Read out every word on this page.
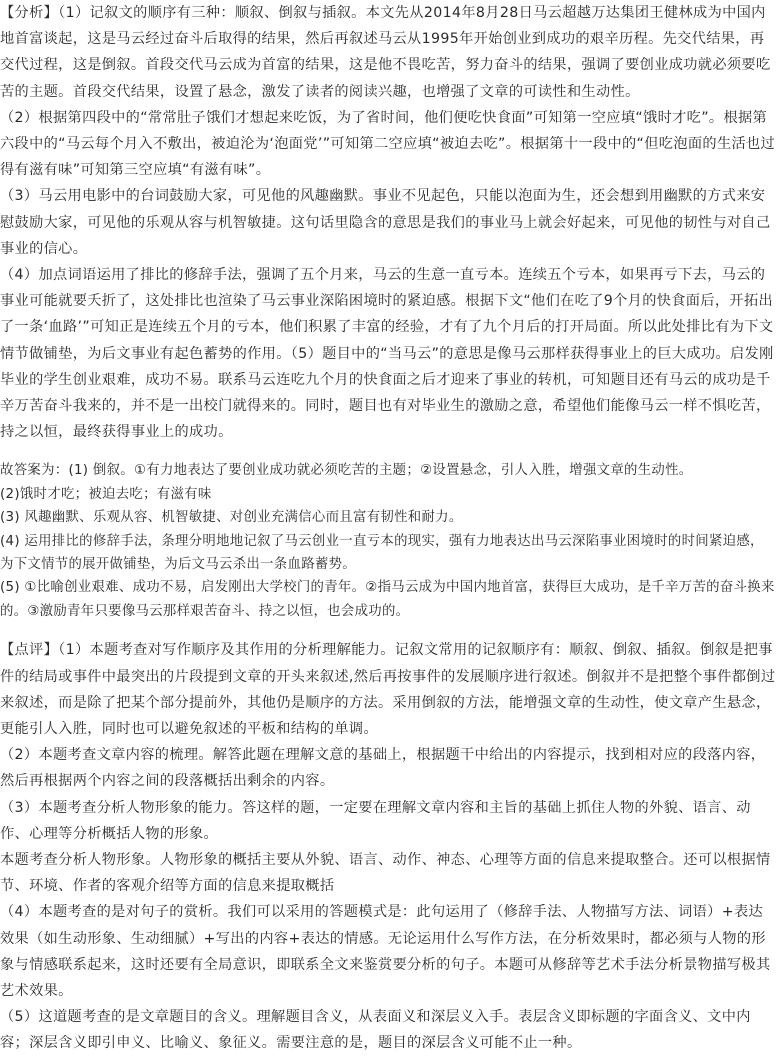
【分析】（1）记叙文的顺序有三种：顺叙、倒叙与插叙。本文先从2014年8月28日马云超越万达集团王健林成为中国内地首富谈起，这是马云经过奋斗后取得的结果，然后再叙述马云从1995年开始创业到成功的艰辛历程。先交代结果，再交代过程，这是倒叙。首段交代马云成为首富的结果，这是他不畏吃苦，努力奋斗的结果，强调了要创业成功就必须要吃苦的主题。首段交代结果，设置了悬念，激发了读者的阅读兴趣，也增强了文章的可读性和生动性。

（2）根据第四段中的“常常肚子饿们才想起来吃饭，为了省时间，他们便吃快食面”可知第一空应填“饿时才吃”。根据第六段中的“马云每个月入不敷出，被迫沦为‘泡面党’”可知第二空应填“被迫去吃”。根据第十一段中的“但吃泡面的生活也过得有滋有味”可知第三空应填“有滋有味”。

（3）马云用电影中的台词鼓励大家，可见他的风趣幽默。事业不见起色，只能以泡面为生，还会想到用幽默的方式来安慰鼓励大家，可见他的乐观从容与机智敏捷。这句话里隐含的意思是我们的事业马上就会好起来，可见他的韧性与对自己事业的信心。

（4）加点词语运用了排比的修辞手法，强调了五个月来，马云的生意一直亏本。连续五个亏本，如果再亏下去，马云的事业可能就要夭折了，这处排比也渲染了马云事业深陷困境时的紧迫感。根据下文“他们在吃了9个月的快食面后，开拓出了一条‘血路’”可知正是连续五个月的亏本，他们积累了丰富的经验，才有了九个月后的打开局面。所以此处排比有为下文情节做铺垫，为后文事业有起色蓄势的作用。（5）题目中的“当马云”的意思是像马云那样获得事业上的巨大成功。启发刚毕业的学生创业艰难，成功不易。联系马云连吃九个月的快食面之后才迎来了事业的转机，可知题目还有马云的成功是千辛万苦奋斗我来的，并不是一出校门就得来的。同时，题目也有对毕业生的激励之意，希望他们能像马云一样不惧吃苦，持之以恒，最终获得事业上的成功。

故答案为：(1) 倒叙。①有力地表达了要创业成功就必须吃苦的主题；②设置悬念，引人入胜，增强文章的生动性。

(2)饿时才吃；被迫去吃；有滋有味

(3) 风趣幽默、乐观从容、机智敏捷、对创业充满信心而且富有韧性和耐力。

(4) 运用排比的修辞手法，条理分明地地记叙了马云创业一直亏本的现实，强有力地表达出马云深陷事业困境时的时间紧迫感，为下文情节的展开做铺垫，为后文马云杀出一条血路蓄势。

(5) ①比喻创业艰难、成功不易，启发刚出大学校门的青年。②指马云成为中国内地首富，获得巨大成功，是千辛万苦的奋斗换来的。③激励青年只要像马云那样艰苦奋斗、持之以恒，也会成功的。

【点评】（1）本题考查对写作顺序及其作用的分析理解能力。记叙文常用的记叙顺序有：顺叙、倒叙、插叙。倒叙是把事件的结局或事件中最突出的片段提到文章的开头来叙述,然后再按事件的发展顺序进行叙述。倒叙并不是把整个事件都倒过来叙述，而是除了把某个部分提前外，其他仍是顺序的方法。采用倒叙的方法，能增强文章的生动性，使文章产生悬念，更能引人入胜，同时也可以避免叙述的平板和结构的单调。

（2）本题考查文章内容的梳理。解答此题在理解文意的基础上，根据题干中给出的内容提示，找到相对应的段落内容，然后再根据两个内容之间的段落概括出剩余的内容。

（3）本题考查分析人物形象的能力。答这样的题，一定要在理解文章内容和主旨的基础上抓住人物的外貌、语言、动作、心理等分析概括人物的形象。

本题考查分析人物形象。人物形象的概括主要从外貌、语言、动作、神态、心理等方面的信息来提取整合。还可以根据情节、环境、作者的客观介绍等方面的信息来提取概括

（4）本题考查的是对句子的赏析。我们可以采用的答题模式是：此句运用了（修辞手法、人物描写方法、词语）+表达效果（如生动形象、生动细腻）+写出的内容+表达的情感。无论运用什么写作方法，在分析效果时，都必须与人物的形象与情感联系起来，这时还要有全局意识，即联系全文来鉴赏要分析的句子。本题可从修辞等艺术手法分析景物描写极其艺术效果。

（5）这道题考查的是文章题目的含义。理解题目含义，从表面义和深层义入手。表层含义即标题的字面含义、文中内容；深层含义即引申义、比喻义、象征义。需要注意的是，题目的深层含义可能不止一种。
